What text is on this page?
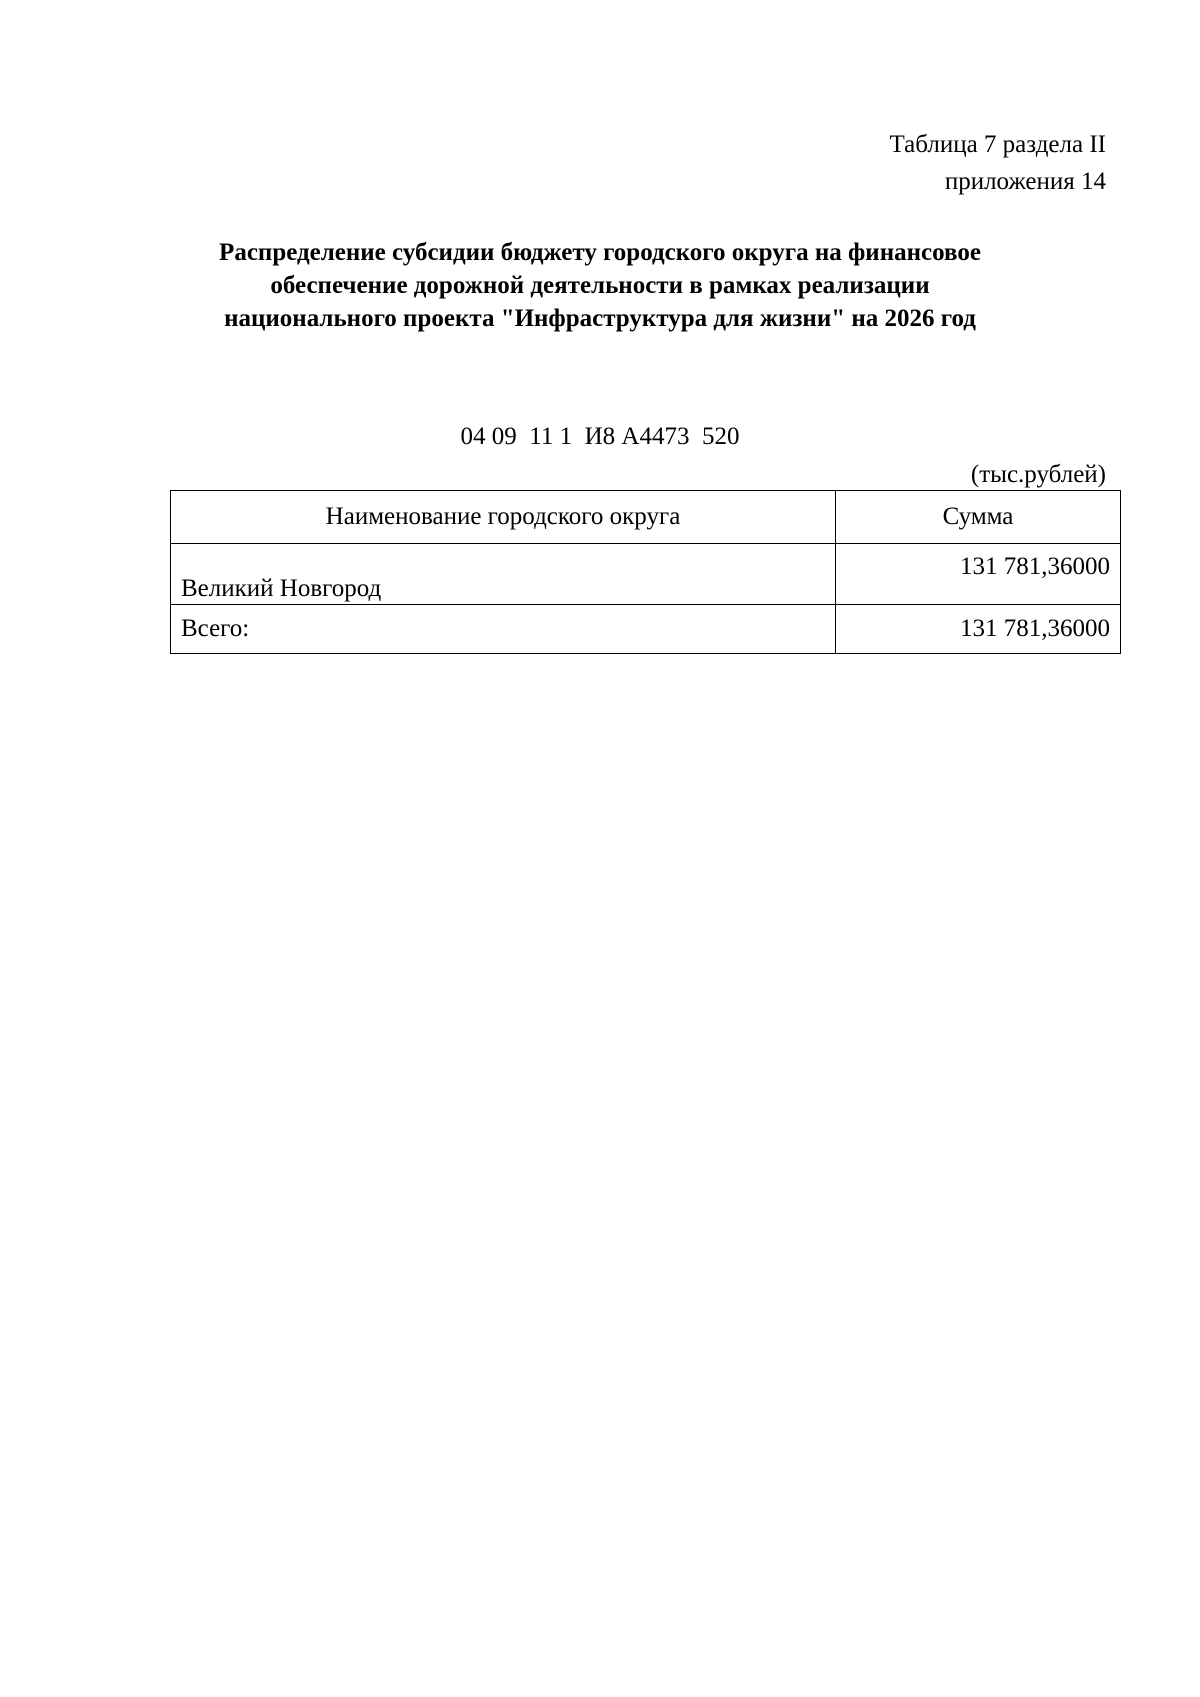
Таблица 7 раздела II
приложения 14
Распределение субсидии бюджету городского округа на финансовое
обеспечение дорожной деятельности в рамках реализации
национального проекта "Инфраструктура для жизни" на 2026 год
04 09  11 1  И8 А4473  520
(тыс.рублей)
Наименование городского округа	Сумма
Великий Новгород	131 781,36000
Всего:	131 781,36000
